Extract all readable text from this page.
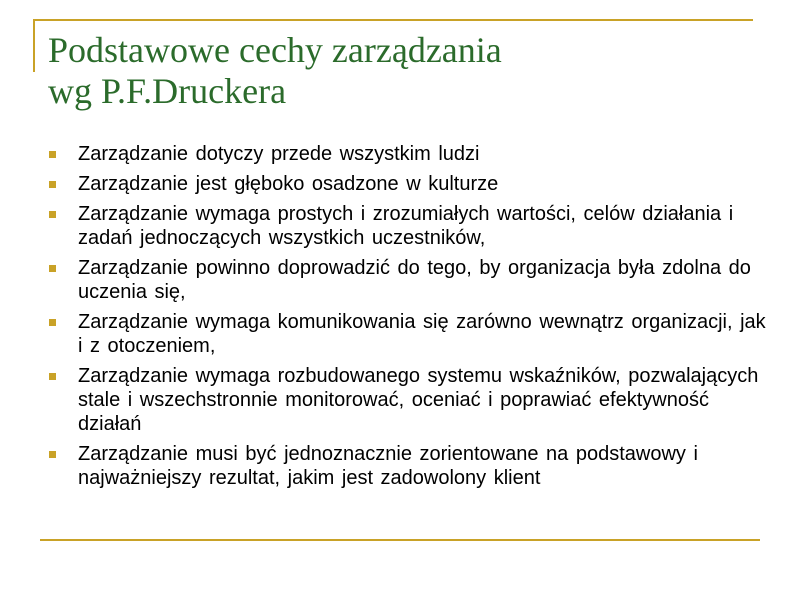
Podstawowe cechy zarządzania
wg P.F.Druckera
Zarządzanie dotyczy przede wszystkim ludzi
Zarządzanie jest głęboko osadzone w kulturze
Zarządzanie wymaga prostych i zrozumiałych wartości, celów działania i zadań jednoczących wszystkich uczestników,
Zarządzanie powinno doprowadzić do tego, by organizacja była zdolna do uczenia się,
Zarządzanie wymaga komunikowania się zarówno wewnątrz organizacji, jak i z otoczeniem,
Zarządzanie wymaga rozbudowanego systemu wskaźników, pozwalających stale i wszechstronnie monitorować, oceniać i poprawiać efektywność działań
Zarządzanie musi być jednoznacznie zorientowane na podstawowy i najważniejszy rezultat, jakim jest zadowolony klient
